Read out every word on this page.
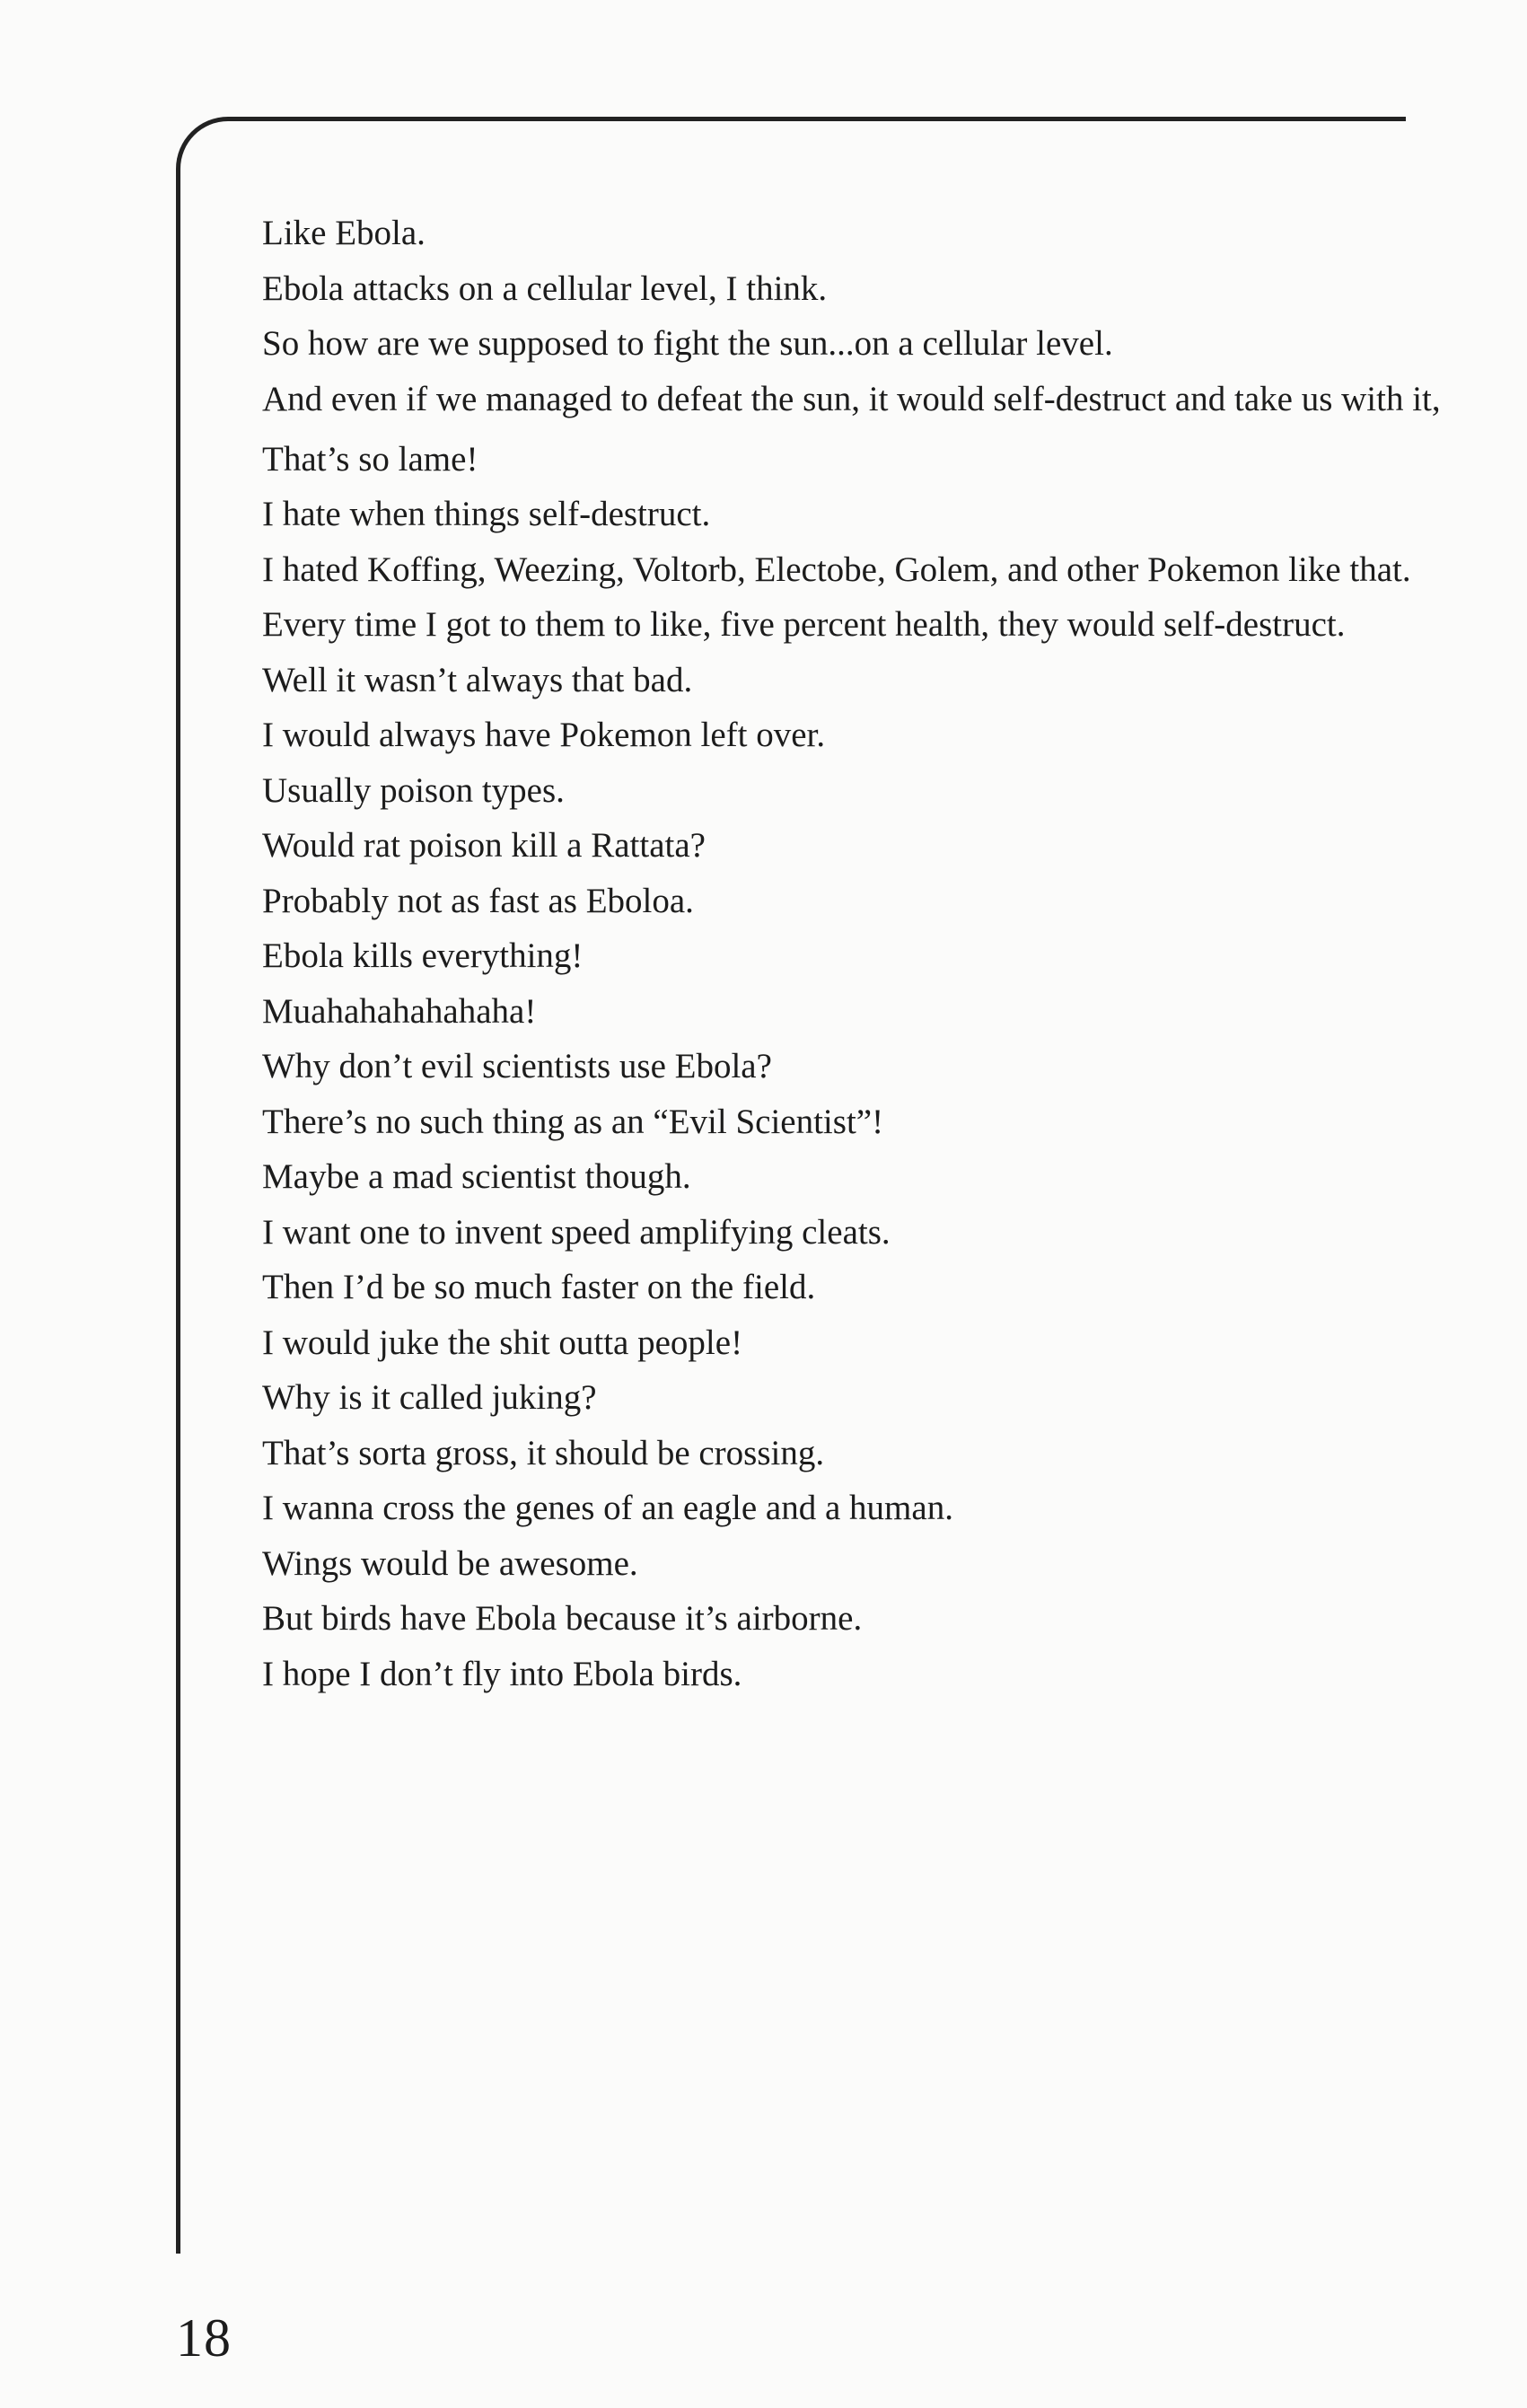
Like Ebola.
Ebola attacks on a cellular level, I think.
So how are we supposed to fight the sun...on a cellular level.
And even if we managed to defeat the sun, it would self-destruct and take us with it,
That’s so lame!
I hate when things self-destruct.
I hated Koffing, Weezing, Voltorb, Electobe, Golem, and other Pokemon like that.
Every time I got to them to like, five percent health, they would self-destruct.
Well it wasn’t always that bad.
I would always have Pokemon left over.
Usually poison types.
Would rat poison kill a Rattata?
Probably not as fast as Eboloa.
Ebola kills everything!
Muahahahahahaha!
Why don’t evil scientists use Ebola?
There’s no such thing as an “Evil Scientist”!
Maybe a mad scientist though.
I want one to invent speed amplifying cleats.
Then I’d be so much faster on the field.
I would juke the shit outta people!
Why is it called juking?
That’s sorta gross, it should be crossing.
I wanna cross the genes of an eagle and a human.
Wings would be awesome.
But birds have Ebola because it’s airborne.
I hope I don’t fly into Ebola birds.
18
